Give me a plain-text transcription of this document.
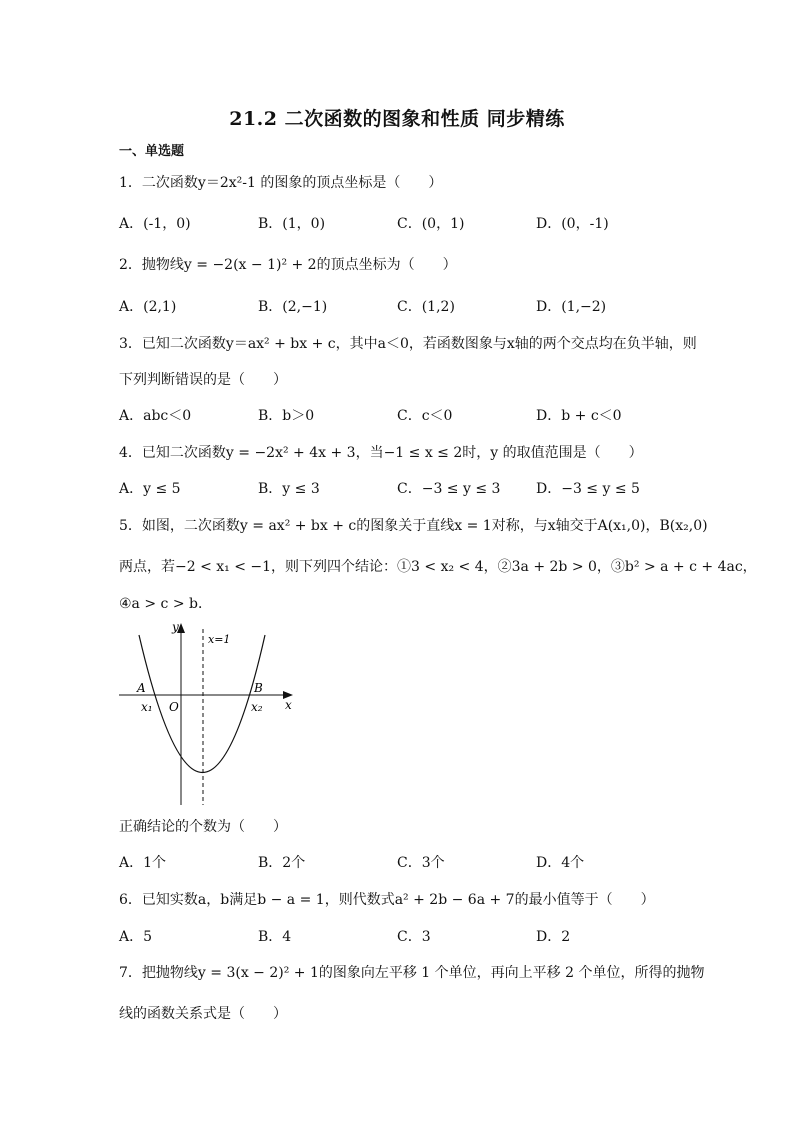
21.2 二次函数的图象和性质 同步精练
一、单选题
1．二次函数y＝2x²-1 的图象的顶点坐标是（　　）
A．(-1，0)	B．(1，0)	C．(0，1)	D．(0，-1)
2．抛物线y = −2(x − 1)² + 2的顶点坐标为（　　）
A．(2,1)	B．(2,−1)	C．(1,2)	D．(1,−2)
3．已知二次函数y＝ax² + bx + c，其中a＜0，若函数图象与x轴的两个交点均在负半轴，则
下列判断错误的是（　　）
A．abc＜0	B．b＞0	C．c＜0	D．b + c＜0
4．已知二次函数y = −2x² + 4x + 3，当−1 ≤ x ≤ 2时，y 的取值范围是（　　）
A．y ≤ 5	B．y ≤ 3	C．−3 ≤ y ≤ 3	D．−3 ≤ y ≤ 5
5．如图，二次函数y = ax² + bx + c的图象关于直线x = 1对称，与x轴交于A(x₁,0)，B(x₂,0)
两点，若−2 < x₁ < −1，则下列四个结论：①3 < x₂ < 4，②3a + 2b > 0，③b² > a + c + 4ac，
④a > c > b．
y
x=1
A	B
x₁ O	x₂ x
正确结论的个数为（　　）
A．1个	B．2个	C．3个	D．4个
6．已知实数a，b满足b − a = 1，则代数式a² + 2b − 6a + 7的最小值等于（　　）
A．5	B．4	C．3	D．2
7．把抛物线y = 3(x − 2)² + 1的图象向左平移 1 个单位，再向上平移 2 个单位，所得的抛物
线的函数关系式是（　　）
